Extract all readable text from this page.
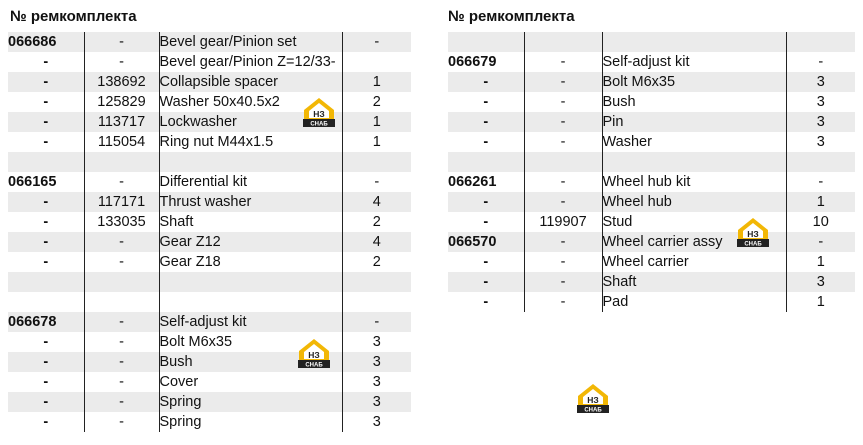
№ ремкомплекта
066686	-	Bevel gear/Pinion set	-
-	-	Bevel gear/Pinion Z=12/33-	
-	138692	Collapsible spacer	1
-	125829	Washer 50x40.5x2	2
-	113717	Lockwasher	1
-	115054	Ring nut M44x1.5	1

066165	-	Differential kit	-
-	117171	Thrust washer	4
-	133035	Shaft	2
-	-	Gear Z12	4
-	-	Gear Z18	2

066678	-	Self-adjust kit	-
-	-	Bolt M6x35	3
-	-	Bush	3
-	-	Cover	3
-	-	Spring	3
-	-	Spring	3
№ ремкомплекта

066679	-	Self-adjust kit	-
-	-	Bolt M6x35	3
-	-	Bush	3
-	-	Pin	3
-	-	Washer	3

066261	-	Wheel hub kit	-
-	-	Wheel hub	1
-	119907	Stud	10
066570	-	Wheel carrier assy	-
-	-	Wheel carrier	1
-	-	Shaft	3
-	-	Pad	1
НЗ
СНАБ
НЗ
СНАБ
НЗ
СНАБ
НЗ
СНАБ
